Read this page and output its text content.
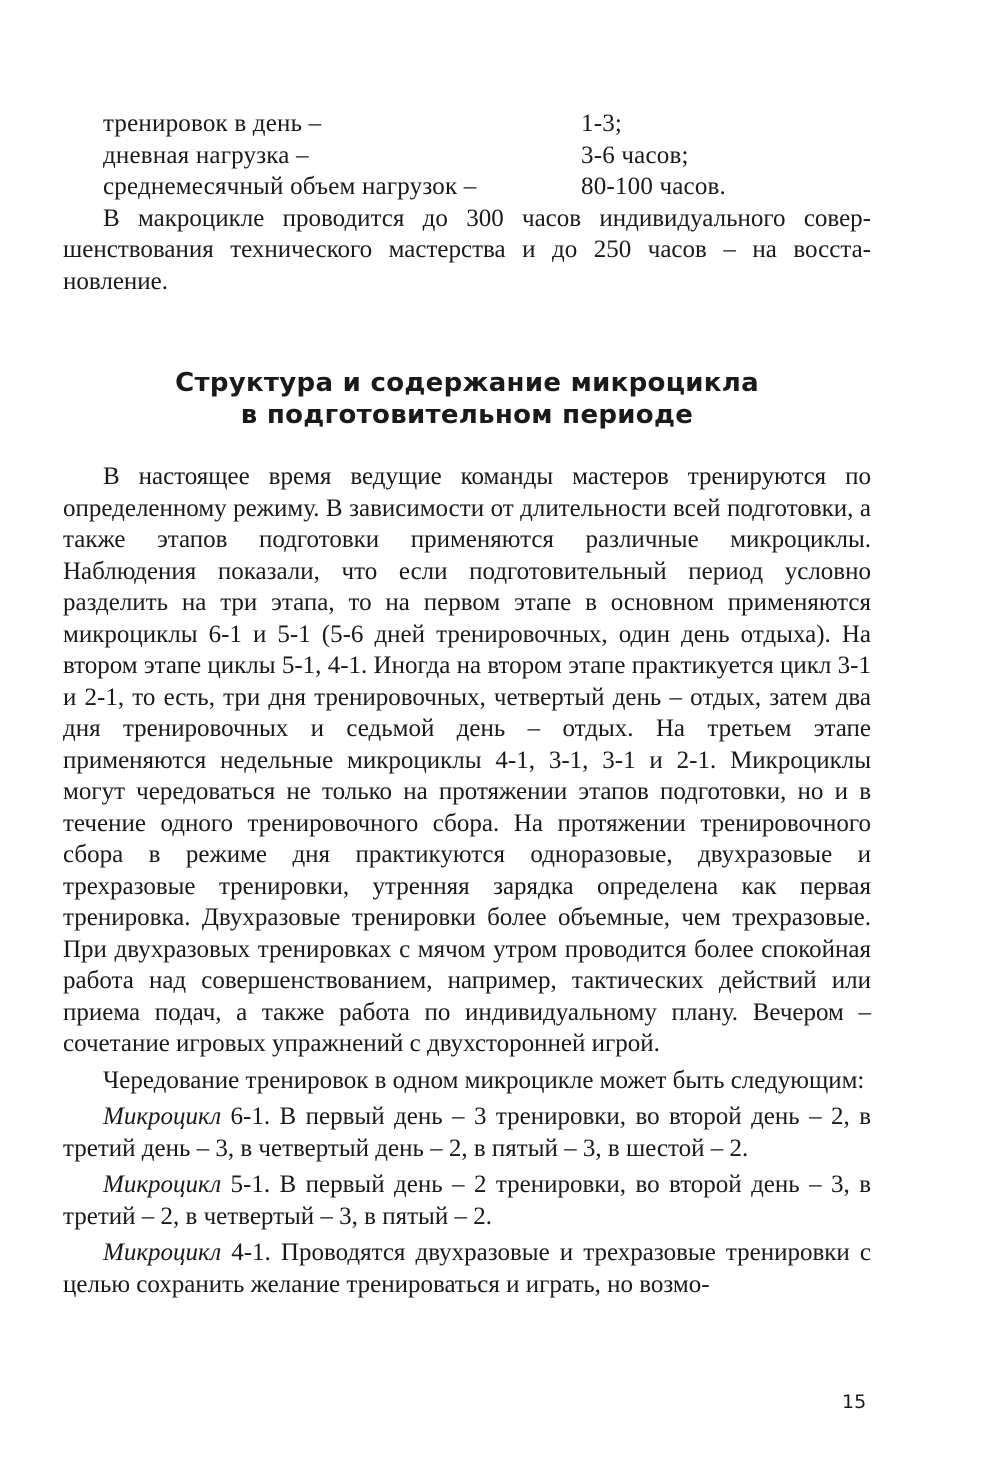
тренировок в день –	1-3;
дневная нагрузка –	3-6 часов;
среднемесячный объем нагрузок –	80-100 часов.

В макроцикле проводится до 300 часов индивидуального совершенствования технического мастерства и до 250 часов – на восстановление.

Структура и содержание микроцикла
в подготовительном периоде

В настоящее время ведущие команды мастеров тренируются по определенному режиму. В зависимости от длительности всей подготовки, а также этапов подготовки применяются различные микроциклы. Наблюдения показали, что если подготовительный период условно разделить на три этапа, то на первом этапе в основном применяются микроциклы 6-1 и 5-1 (5-6 дней тренировочных, один день отдыха). На втором этапе циклы 5-1, 4-1. Иногда на втором этапе практикуется цикл 3-1 и 2-1, то есть, три дня тренировочных, четвертый день – отдых, затем два дня тренировочных и седьмой день – отдых. На третьем этапе применяются недельные микроциклы 4-1, 3-1, 3-1 и 2-1. Микроциклы могут чередоваться не только на протяжении этапов подготовки, но и в течение одного тренировочного сбора. На протяжении тренировочного сбора в режиме дня практикуются одноразовые, двухразовые и трехразовые тренировки, утренняя зарядка определена как первая тренировка. Двухразовые тренировки более объемные, чем трехразовые. При двухразовых тренировках с мячом утром проводится более спокойная работа над совершенствованием, например, тактических действий или приема подач, а также работа по индивидуальному плану. Вечером – сочетание игровых упражнений с двухсторонней игрой.

Чередование тренировок в одном микроцикле может быть следующим:

Микроцикл 6-1. В первый день – 3 тренировки, во второй день – 2, в третий день – 3, в четвертый день – 2, в пятый – 3, в шестой – 2.

Микроцикл 5-1. В первый день – 2 тренировки, во второй день – 3, в третий – 2, в четвертый – 3, в пятый – 2.

Микроцикл 4-1. Проводятся двухразовые и трехразовые тренировки с целью сохранить желание тренироваться и играть, но возмо-

15
